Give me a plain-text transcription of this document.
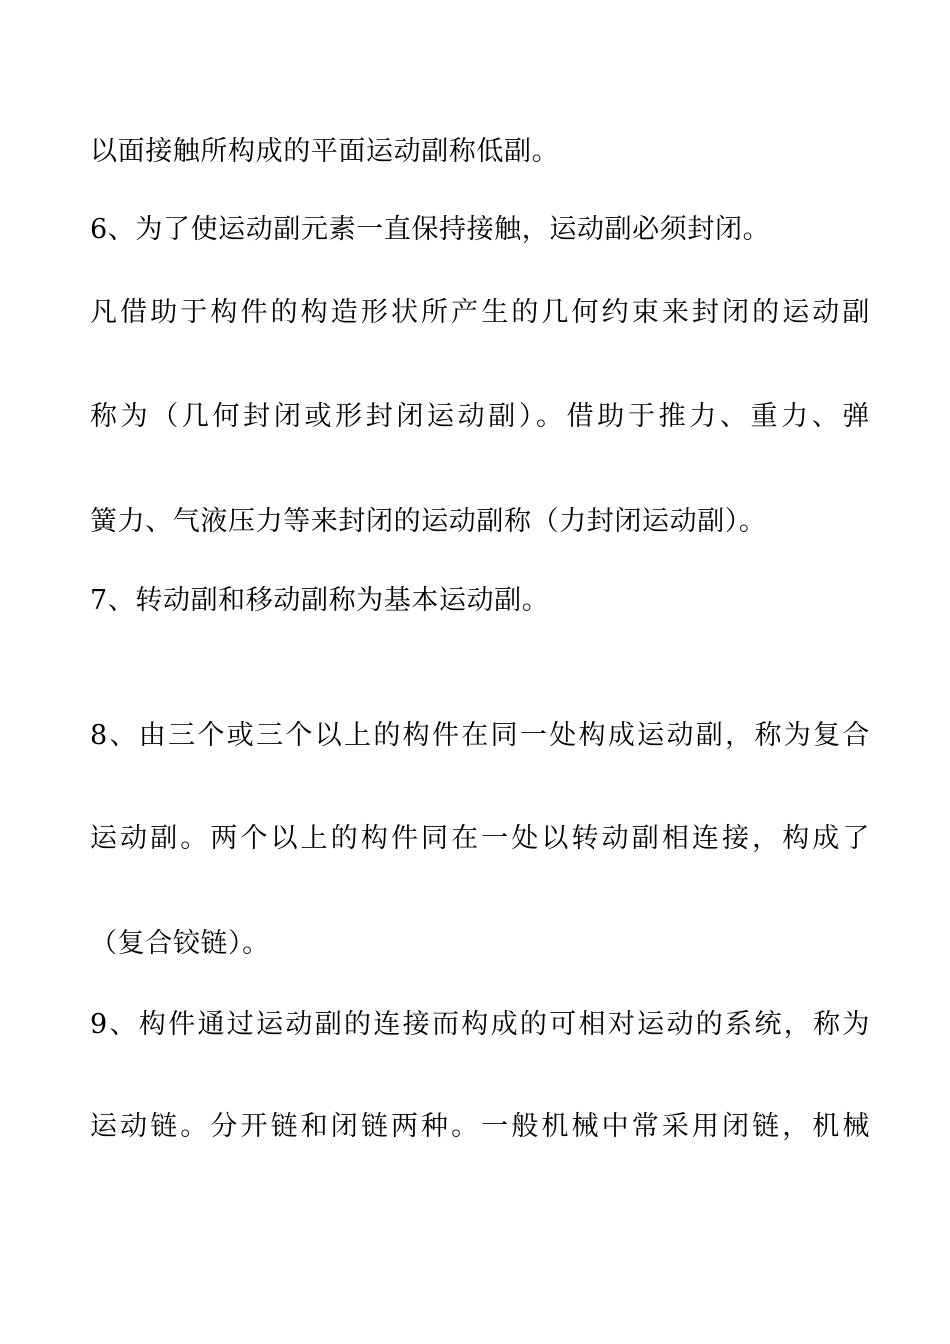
以面接触所构成的平面运动副称低副。
6、为了使运动副元素一直保持接触，运动副必须封闭。
凡借助于构件的构造形状所产生的几何约束来封闭的运动副
称为（几何封闭或形封闭运动副）。借助于推力、重力、弹
簧力、气液压力等来封闭的运动副称（力封闭运动副）。
7、转动副和移动副称为基本运动副。
8、由三个或三个以上的构件在同一处构成运动副，称为复合
运动副。两个以上的构件同在一处以转动副相连接，构成了
（复合铰链）。
9、构件通过运动副的连接而构成的可相对运动的系统，称为
运动链。分开链和闭链两种。一般机械中常采用闭链，机械
